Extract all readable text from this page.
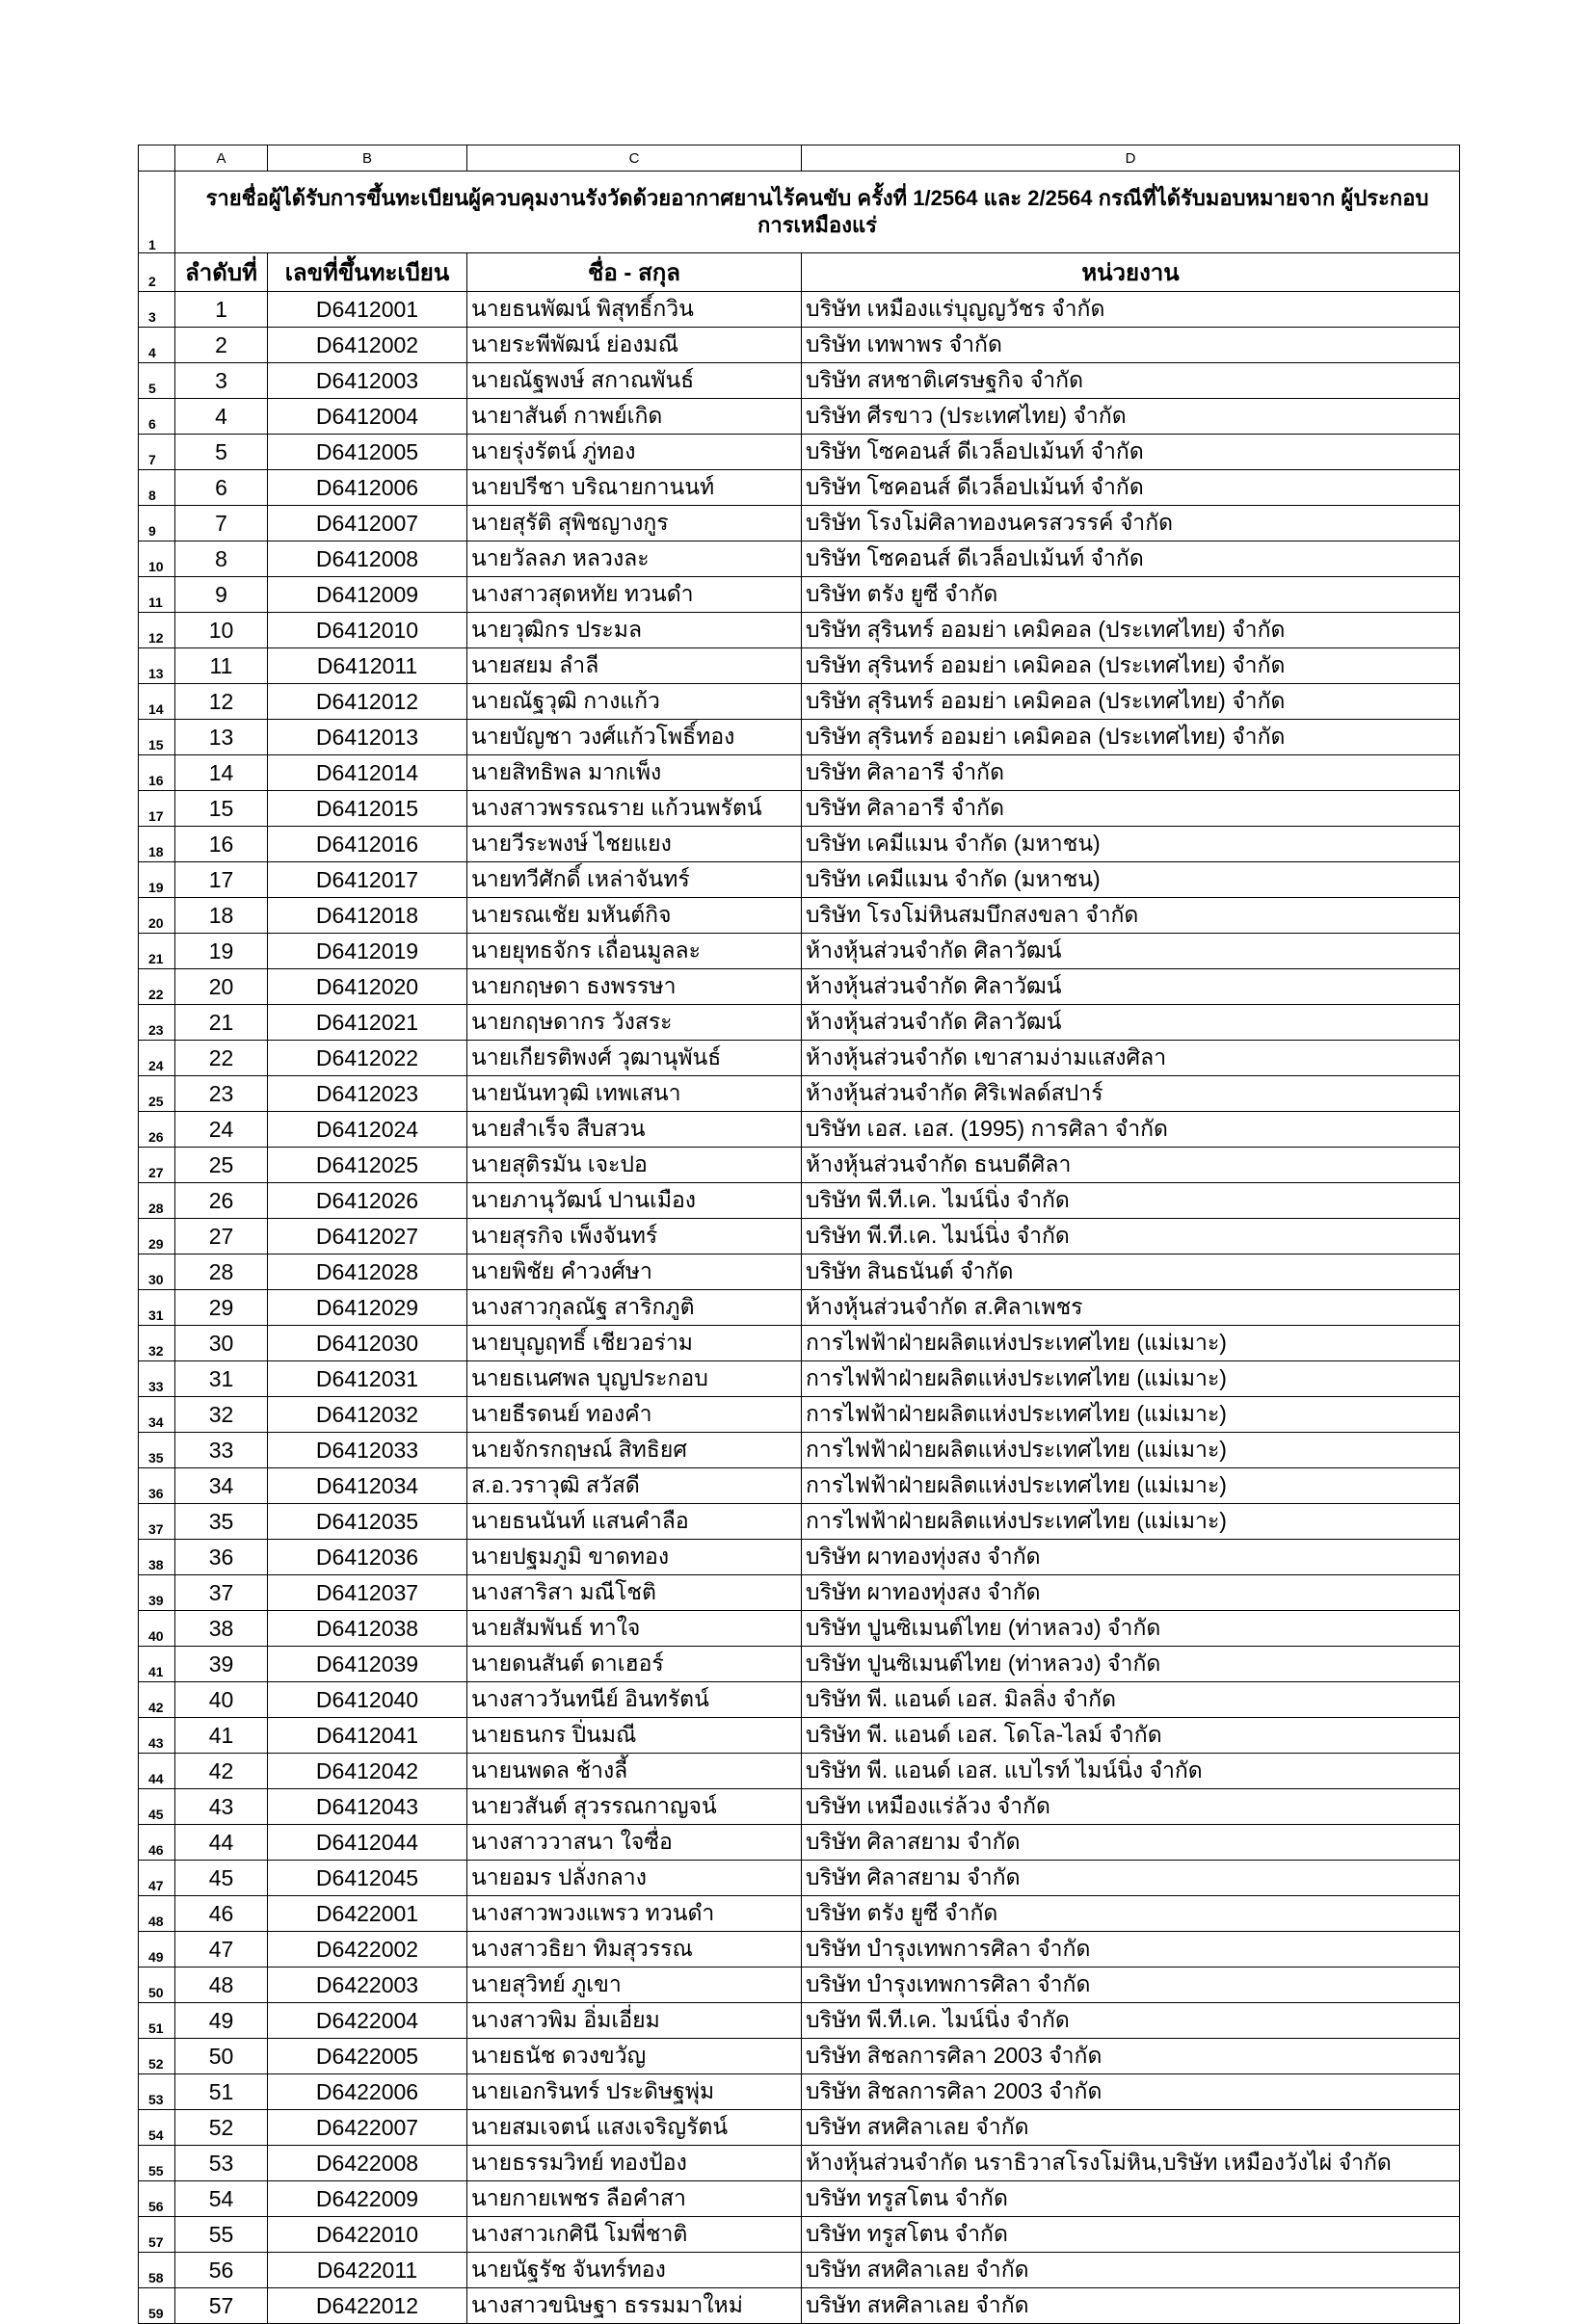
	A	B	C	D
1	รายชื่อผู้ได้รับการขึ้นทะเบียนผู้ควบคุมงานรังวัดด้วยอากาศยานไร้คนขับ ครั้งที่ 1/2564 และ 2/2564 กรณีที่ได้รับมอบหมายจาก ผู้ประกอบการเหมืองแร่			
2	ลำดับที่	เลขที่ขึ้นทะเบียน	ชื่อ - สกุล	หน่วยงาน
3	1	D6412001	นายธนพัฒน์ พิสุทธิ์กวิน	บริษัท เหมืองแร่บุญญวัชร จำกัด
4	2	D6412002	นายระพีพัฒน์ ย่องมณี	บริษัท เทพาพร จำกัด
5	3	D6412003	นายณัฐพงษ์ สกาณพันธ์	บริษัท สหชาติเศรษฐกิจ จำกัด
6	4	D6412004	นายาสันต์ กาพย์เกิด	บริษัท ศีรขาว (ประเทศไทย) จำกัด
7	5	D6412005	นายรุ่งรัตน์ ภู่ทอง	บริษัท โซคอนส์ ดีเวล็อปเม้นท์ จำกัด
8	6	D6412006	นายปรีชา บริณายกานนท์	บริษัท โซคอนส์ ดีเวล็อปเม้นท์ จำกัด
9	7	D6412007	นายสุรัติ สุพิชญางกูร	บริษัท โรงโม่ศิลาทองนครสวรรค์ จำกัด
10	8	D6412008	นายวัลลภ หลวงละ	บริษัท โซคอนส์ ดีเวล็อปเม้นท์ จำกัด
11	9	D6412009	นางสาวสุดหทัย ทวนดำ	บริษัท ตรัง ยูซี จำกัด
12	10	D6412010	นายวุฒิกร ประมล	บริษัท สุรินทร์ ออมย่า เคมิคอล (ประเทศไทย) จำกัด
13	11	D6412011	นายสยม ลำลี	บริษัท สุรินทร์ ออมย่า เคมิคอล (ประเทศไทย) จำกัด
14	12	D6412012	นายณัฐวุฒิ กางแก้ว	บริษัท สุรินทร์ ออมย่า เคมิคอล (ประเทศไทย) จำกัด
15	13	D6412013	นายบัญชา วงศ์แก้วโพธิ์ทอง	บริษัท สุรินทร์ ออมย่า เคมิคอล (ประเทศไทย) จำกัด
16	14	D6412014	นายสิทธิพล มากเพ็ง	บริษัท ศิลาอารี จำกัด
17	15	D6412015	นางสาวพรรณราย แก้วนพรัตน์	บริษัท ศิลาอารี จำกัด
18	16	D6412016	นายวีระพงษ์ ไชยแยง	บริษัท เคมีแมน จำกัด (มหาชน)
19	17	D6412017	นายทวีศักดิ์ เหล่าจันทร์	บริษัท เคมีแมน จำกัด (มหาชน)
20	18	D6412018	นายรณเชัย มหันต์กิจ	บริษัท โรงโม่หินสมบึกสงขลา จำกัด
21	19	D6412019	นายยุทธจักร เถื่อนมูลละ	ห้างหุ้นส่วนจำกัด ศิลาวัฒน์
22	20	D6412020	นายกฤษดา ธงพรรษา	ห้างหุ้นส่วนจำกัด ศิลาวัฒน์
23	21	D6412021	นายกฤษดากร วังสระ	ห้างหุ้นส่วนจำกัด ศิลาวัฒน์
24	22	D6412022	นายเกียรติพงศ์ วุฒานุพันธ์	ห้างหุ้นส่วนจำกัด เขาสามง่ามแสงศิลา
25	23	D6412023	นายนันทวุฒิ เทพเสนา	ห้างหุ้นส่วนจำกัด ศิริเฟลด์สปาร์
26	24	D6412024	นายสำเร็จ สืบสวน	บริษัท เอส. เอส. (1995) การศิลา จำกัด
27	25	D6412025	นายสุติรมัน เจะปอ	ห้างหุ้นส่วนจำกัด ธนบดีศิลา
28	26	D6412026	นายภานุวัฒน์ ปานเมือง	บริษัท พี.ที.เค. ไมน์นิ่ง จำกัด
29	27	D6412027	นายสุรกิจ เพ็งจันทร์	บริษัท พี.ที.เค. ไมน์นิ่ง จำกัด
30	28	D6412028	นายพิชัย คำวงศ์ษา	บริษัท สินธนันต์ จำกัด
31	29	D6412029	นางสาวกุลณัฐ สาริกภูติ	ห้างหุ้นส่วนจำกัด ส.ศิลาเพชร
32	30	D6412030	นายบุญฤทธิ์ เชียวอร่าม	การไฟฟ้าฝ่ายผลิตแห่งประเทศไทย (แม่เมาะ)
33	31	D6412031	นายธเนศพล บุญประกอบ	การไฟฟ้าฝ่ายผลิตแห่งประเทศไทย (แม่เมาะ)
34	32	D6412032	นายธีรดนย์ ทองคำ	การไฟฟ้าฝ่ายผลิตแห่งประเทศไทย (แม่เมาะ)
35	33	D6412033	นายจักรกฤษณ์ สิทธิยศ	การไฟฟ้าฝ่ายผลิตแห่งประเทศไทย (แม่เมาะ)
36	34	D6412034	ส.อ.วราวุฒิ สวัสดี	การไฟฟ้าฝ่ายผลิตแห่งประเทศไทย (แม่เมาะ)
37	35	D6412035	นายธนนันท์ แสนคำลือ	การไฟฟ้าฝ่ายผลิตแห่งประเทศไทย (แม่เมาะ)
38	36	D6412036	นายปฐมภูมิ ขาดทอง	บริษัท ผาทองทุ่งสง จำกัด
39	37	D6412037	นางสาริสา มณีโชติ	บริษัท ผาทองทุ่งสง จำกัด
40	38	D6412038	นายสัมพันธ์ ทาใจ	บริษัท ปูนซิเมนต์ไทย (ท่าหลวง) จำกัด
41	39	D6412039	นายดนสันต์ ดาเฮอร์	บริษัท ปูนซิเมนต์ไทย (ท่าหลวง) จำกัด
42	40	D6412040	นางสาววันทนีย์ อินทรัตน์	บริษัท พี. แอนด์ เอส. มิลลิ่ง จำกัด
43	41	D6412041	นายธนกร ปิ่นมณี	บริษัท พี. แอนด์ เอส. โดโล-ไลม์ จำกัด
44	42	D6412042	นายนพดล ช้างลี้	บริษัท พี. แอนด์ เอส. แบไรท์ ไมน์นิ่ง จำกัด
45	43	D6412043	นายวสันต์ สุวรรณกาญจน์	บริษัท เหมืองแร่ล้วง จำกัด
46	44	D6412044	นางสาววาสนา ใจซื่อ	บริษัท ศิลาสยาม จำกัด
47	45	D6412045	นายอมร ปลั่งกลาง	บริษัท ศิลาสยาม จำกัด
48	46	D6422001	นางสาวพวงแพรว ทวนดำ	บริษัท ตรัง ยูซี จำกัด
49	47	D6422002	นางสาวธิยา ทิมสุวรรณ	บริษัท บำรุงเทพการศิลา จำกัด
50	48	D6422003	นายสุวิทย์ ภูเขา	บริษัท บำรุงเทพการศิลา จำกัด
51	49	D6422004	นางสาวพิม อิ่มเอี่ยม	บริษัท พี.ที.เค. ไมน์นิ่ง จำกัด
52	50	D6422005	นายธนัช ดวงขวัญ	บริษัท สิชลการศิลา 2003 จำกัด
53	51	D6422006	นายเอกรินทร์ ประดิษฐพุ่ม	บริษัท สิชลการศิลา 2003 จำกัด
54	52	D6422007	นายสมเจตน์ แสงเจริญรัตน์	บริษัท สหศิลาเลย จำกัด
55	53	D6422008	นายธรรมวิทย์ ทองป้อง	ห้างหุ้นส่วนจำกัด นราธิวาสโรงโม่หิน,บริษัท เหมืองวังไผ่ จำกัด
56	54	D6422009	นายกายเพชร ลือคำสา	บริษัท ทรูสโตน จำกัด
57	55	D6422010	นางสาวเกศินี โมพี่ชาติ	บริษัท ทรูสโตน จำกัด
58	56	D6422011	นายนัฐรัช จันทร์ทอง	บริษัท สหศิลาเลย จำกัด
59	57	D6422012	นางสาวขนิษฐา ธรรมมาใหม่	บริษัท สหศิลาเลย จำกัด
